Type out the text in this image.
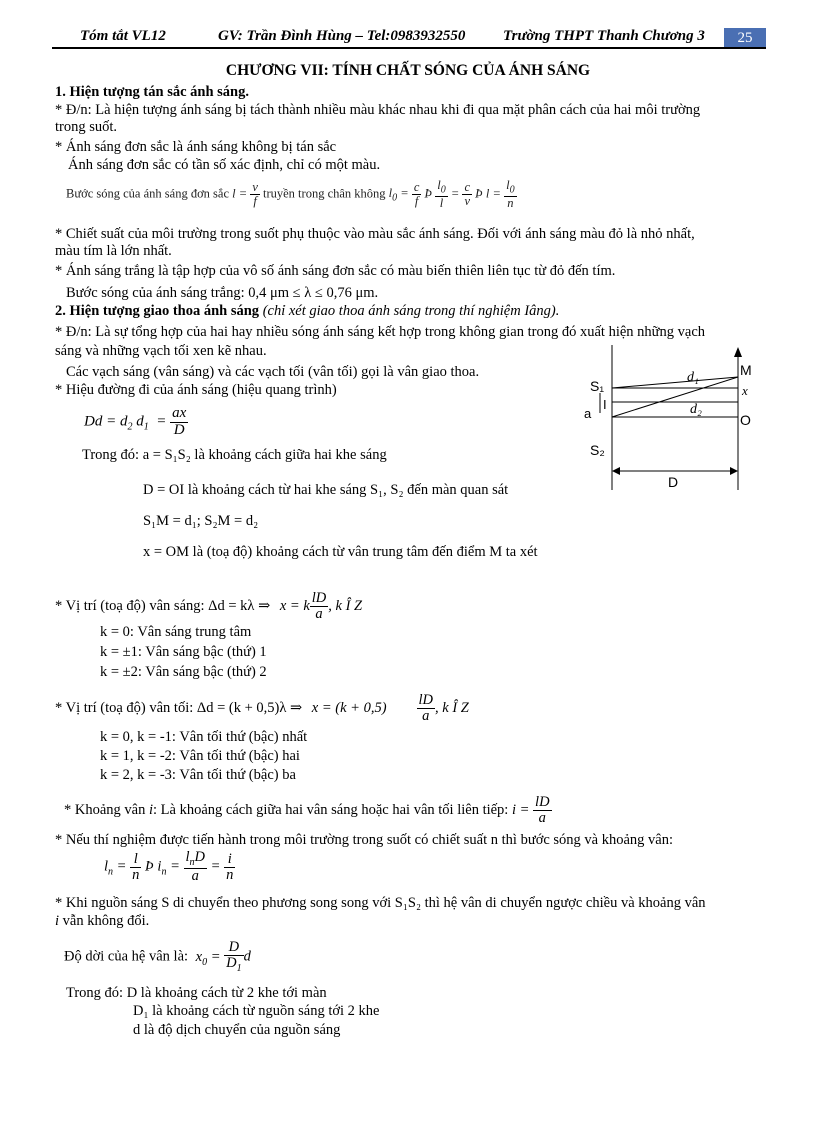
Tóm tắt VL12	GV: Trần Đình Hùng – Tel:0983932550	Trường THPT Thanh Chương 3	25
CHƯƠNG VII: TÍNH CHẤT SÓNG CỦA ÁNH SÁNG
1. Hiện tượng tán sắc ánh sáng.
* Đ/n: Là hiện tượng ánh sáng bị tách thành nhiều màu khác nhau khi đi qua mặt phân cách của hai môi trường
trong suốt.
* Ánh sáng đơn sắc là ánh sáng không bị tán sắc
Ánh sáng đơn sắc có tần số xác định, chỉ có một màu.
Bước sóng của ánh sáng đơn sắc $l = \frac{v}{f}$ truyền trong chân không $l_0 = \frac{c}{f}$ Þ $\frac{l_0}{l} = \frac{c}{v}$ Þ $l = \frac{l_0}{n}$
* Chiết suất của môi trường trong suốt phụ thuộc vào màu sắc ánh sáng. Đối với ánh sáng màu đỏ là nhỏ nhất,
màu tím là lớn nhất.
* Ánh sáng trắng là tập hợp của vô số ánh sáng đơn sắc có màu biến thiên liên tục từ đỏ đến tím.
Bước sóng của ánh sáng trắng: 0,4 μm ≤ λ ≤ 0,76 μm.
2. Hiện tượng giao thoa ánh sáng (chỉ xét giao thoa ánh sáng trong thí nghiệm Iâng).
* Đ/n: Là sự tổng hợp của hai hay nhiều sóng ánh sáng kết hợp trong không gian trong đó xuất hiện những vạch
sáng và những vạch tối xen kẽ nhau.
Các vạch sáng (vân sáng) và các vạch tối (vân tối) gọi là vân giao thoa.
* Hiệu đường đi của ánh sáng (hiệu quang trình)
$Dd = d_2$ $d_1 = \frac{ax}{D}$
Trong đó: a = S₁S₂ là khoảng cách giữa hai khe sáng
D = OI là khoảng cách từ hai khe sáng S₁, S₂ đến màn quan sát
S₁M = d₁; S₂M = d₂
x = OM là (toạ độ) khoảng cách từ vân trung tâm đến điểm M ta xét
S₁
S₂
I
a
M
x
O
d₁
d₂
D
* Vị trí (toạ độ) vân sáng: Δd = kλ ⇒ x = k $\frac{lD}{a}$ , k Î Z
k = 0: Vân sáng trung tâm
k = ±1: Vân sáng bậc (thứ) 1
k = ±2: Vân sáng bậc (thứ) 2
* Vị trí (toạ độ) vân tối: Δd = (k + 0,5)λ ⇒ $x = (k + 0,5) \frac{lD}{a}$ , k Î Z
k = 0, k = -1: Vân tối thứ (bậc) nhất
k = 1, k = -2: Vân tối thứ (bậc) hai
k = 2, k = -3: Vân tối thứ (bậc) ba
* Khoảng vân i: Là khoảng cách giữa hai vân sáng hoặc hai vân tối liên tiếp: $i = \frac{lD}{a}$
* Nếu thí nghiệm được tiến hành trong môi trường trong suốt có chiết suất n thì bước sóng và khoảng vân:
$l_n = \frac{l}{n}$ Þ $i_n = \frac{l_nD}{a} = \frac{i}{n}$
* Khi nguồn sáng S di chuyển theo phương song song với S₁S₂ thì hệ vân di chuyển ngược chiều và khoảng vân
i vẫn không đổi.
Độ dời của hệ vân là: $x_0 = \frac{D}{D_1}$ d
Trong đó: D là khoảng cách từ 2 khe tới màn
D₁ là khoảng cách từ nguồn sáng tới 2 khe
d là độ dịch chuyển của nguồn sáng
